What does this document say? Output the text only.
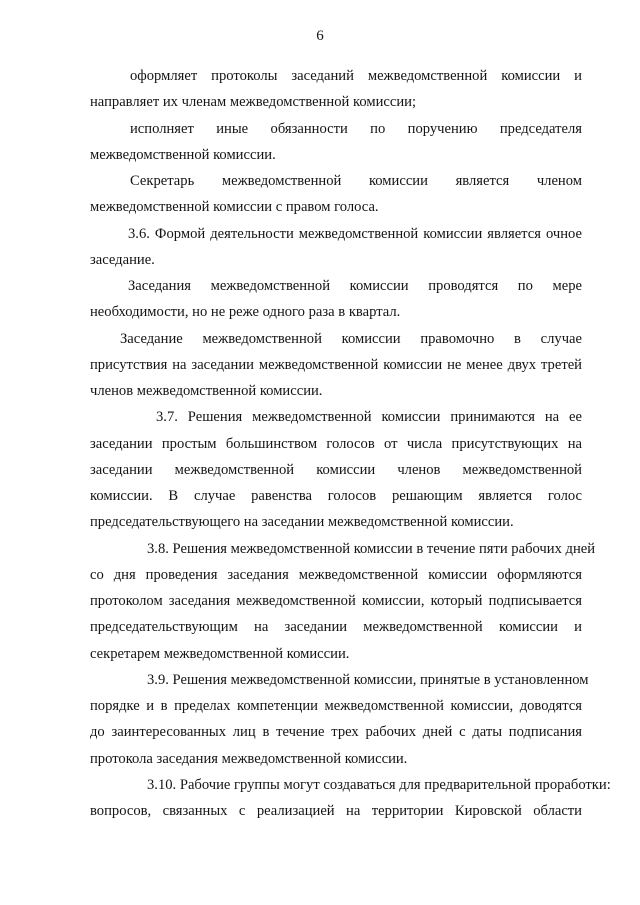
6
оформляет протоколы заседаний межведомственной комиссии и
направляет их членам межведомственной комиссии;
исполняет иные обязанности по поручению председателя
межведомственной комиссии.
Секретарь межведомственной комиссии является членом
межведомственной комиссии с правом голоса.
3.6. Формой деятельности межведомственной комиссии является очное
заседание.
Заседания межведомственной комиссии проводятся по мере
необходимости, но не реже одного раза в квартал.
Заседание межведомственной комиссии правомочно в случае
присутствия на заседании межведомственной комиссии не менее двух третей
членов межведомственной комиссии.
3.7. Решения межведомственной комиссии принимаются на ее
заседании простым большинством голосов от числа присутствующих на
заседании межведомственной комиссии членов межведомственной
комиссии. В случае равенства голосов решающим является голос
председательствующего на заседании межведомственной комиссии.
3.8. Решения межведомственной комиссии в течение пяти рабочих дней
со дня проведения заседания межведомственной комиссии оформляются
протоколом заседания межведомственной комиссии, который подписывается
председательствующим на заседании межведомственной комиссии и
секретарем межведомственной комиссии.
3.9. Решения межведомственной комиссии, принятые в установленном
порядке и в пределах компетенции межведомственной комиссии, доводятся
до заинтересованных лиц в течение трех рабочих дней с даты подписания
протокола заседания межведомственной комиссии.
3.10. Рабочие группы могут создаваться для предварительной проработки:
вопросов, связанных с реализацией на территории Кировской области
